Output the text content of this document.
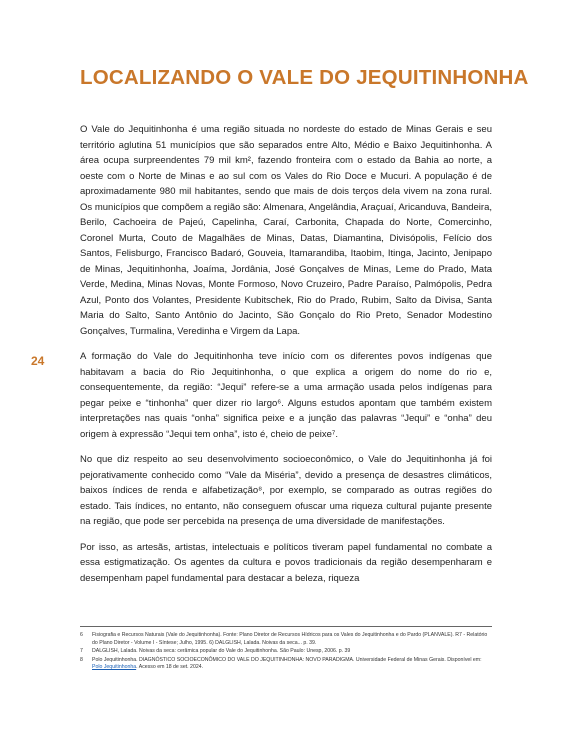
LOCALIZANDO O VALE DO JEQUITINHONHA
24

O Vale do Jequitinhonha é uma região situada no nordeste do estado de Minas Gerais e seu território aglutina 51 municípios que são separados entre Alto, Médio e Baixo Jequitinhonha. A área ocupa surpreendentes 79 mil km², fazendo fronteira com o estado da Bahia ao norte, a oeste com o Norte de Minas e ao sul com os Vales do Rio Doce e Mucuri. A população é de aproximadamente 980 mil habitantes, sendo que mais de dois terços dela vivem na zona rural. Os municípios que compõem a região são: Almenara, Angelândia, Araçuaí, Aricanduva, Bandeira, Berilo, Cachoeira de Pajeú, Capelinha, Caraí, Carbonita, Chapada do Norte, Comercinho, Coronel Murta, Couto de Magalhães de Minas, Datas, Diamantina, Divisópolis, Felício dos Santos, Felisburgo, Francisco Badaró, Gouveia, Itamarandiba, Itaobim, Itinga, Jacinto, Jenipapo de Minas, Jequitinhonha, Joaíma, Jordânia, José Gonçalves de Minas, Leme do Prado, Mata Verde, Medina, Minas Novas, Monte Formoso, Novo Cruzeiro, Padre Paraíso, Palmópolis, Pedra Azul, Ponto dos Volantes, Presidente Kubitschek, Rio do Prado, Rubim, Salto da Divisa, Santa Maria do Salto, Santo Antônio do Jacinto, São Gonçalo do Rio Preto, Senador Modestino Gonçalves, Turmalina, Veredinha e Virgem da Lapa.

A formação do Vale do Jequitinhonha teve início com os diferentes povos indígenas que habitavam a bacia do Rio Jequitinhonha, o que explica a origem do nome do rio e, consequentemente, da região: “Jequi” refere-se a uma armação usada pelos indígenas para pegar peixe e “tinhonha” quer dizer rio largo⁶. Alguns estudos apontam que também existem interpretações nas quais “onha” significa peixe e a junção das palavras “Jequi” e “onha” deu origem à expressão “Jequi tem onha”, isto é, cheio de peixe⁷.

No que diz respeito ao seu desenvolvimento socioeconômico, o Vale do Jequitinhonha já foi pejorativamente conhecido como “Vale da Miséria”, devido a presença de desastres climáticos, baixos índices de renda e alfabetização⁸, por exemplo, se comparado as outras regiões do estado. Tais índices, no entanto, não conseguem ofuscar uma riqueza cultural pujante presente na região, que pode ser percebida na presença de uma diversidade de manifestações.

Por isso, as artesãs, artistas, intelectuais e políticos tiveram papel fundamental no combate a essa estigmatização. Os agentes da cultura e povos tradicionais da região desempenharam e desempenham papel fundamental para destacar a beleza, riqueza

6	Fisiografia e Recursos Naturais (Vale do Jequitinhonha). Fonte: Plano Diretor de Recursos Hídricos para os Vales do Jequitinhonha e do Pardo (PLANVALE). R7 - Relatório do Plano Diretor - Volume I - Síntese; Julho, 1995. 6) DALGLISH, Lalada. Noivas da seca... p. 39.
7	DALGLISH, Lalada. Noivas da seca: cerâmica popular do Vale do Jequitinhonha. São Paulo: Unesp, 2006. p. 39
8	Polo Jequitinhonha. DIAGNÓSTICO SOCIOECONÔMICO DO VALE DO JEQUITINHONHA: NOVO PARADIGMA. Universidade Federal de Minas Gerais. Disponível em: Polo Jequitinhonha. Acesso em 18 de set. 2024.
